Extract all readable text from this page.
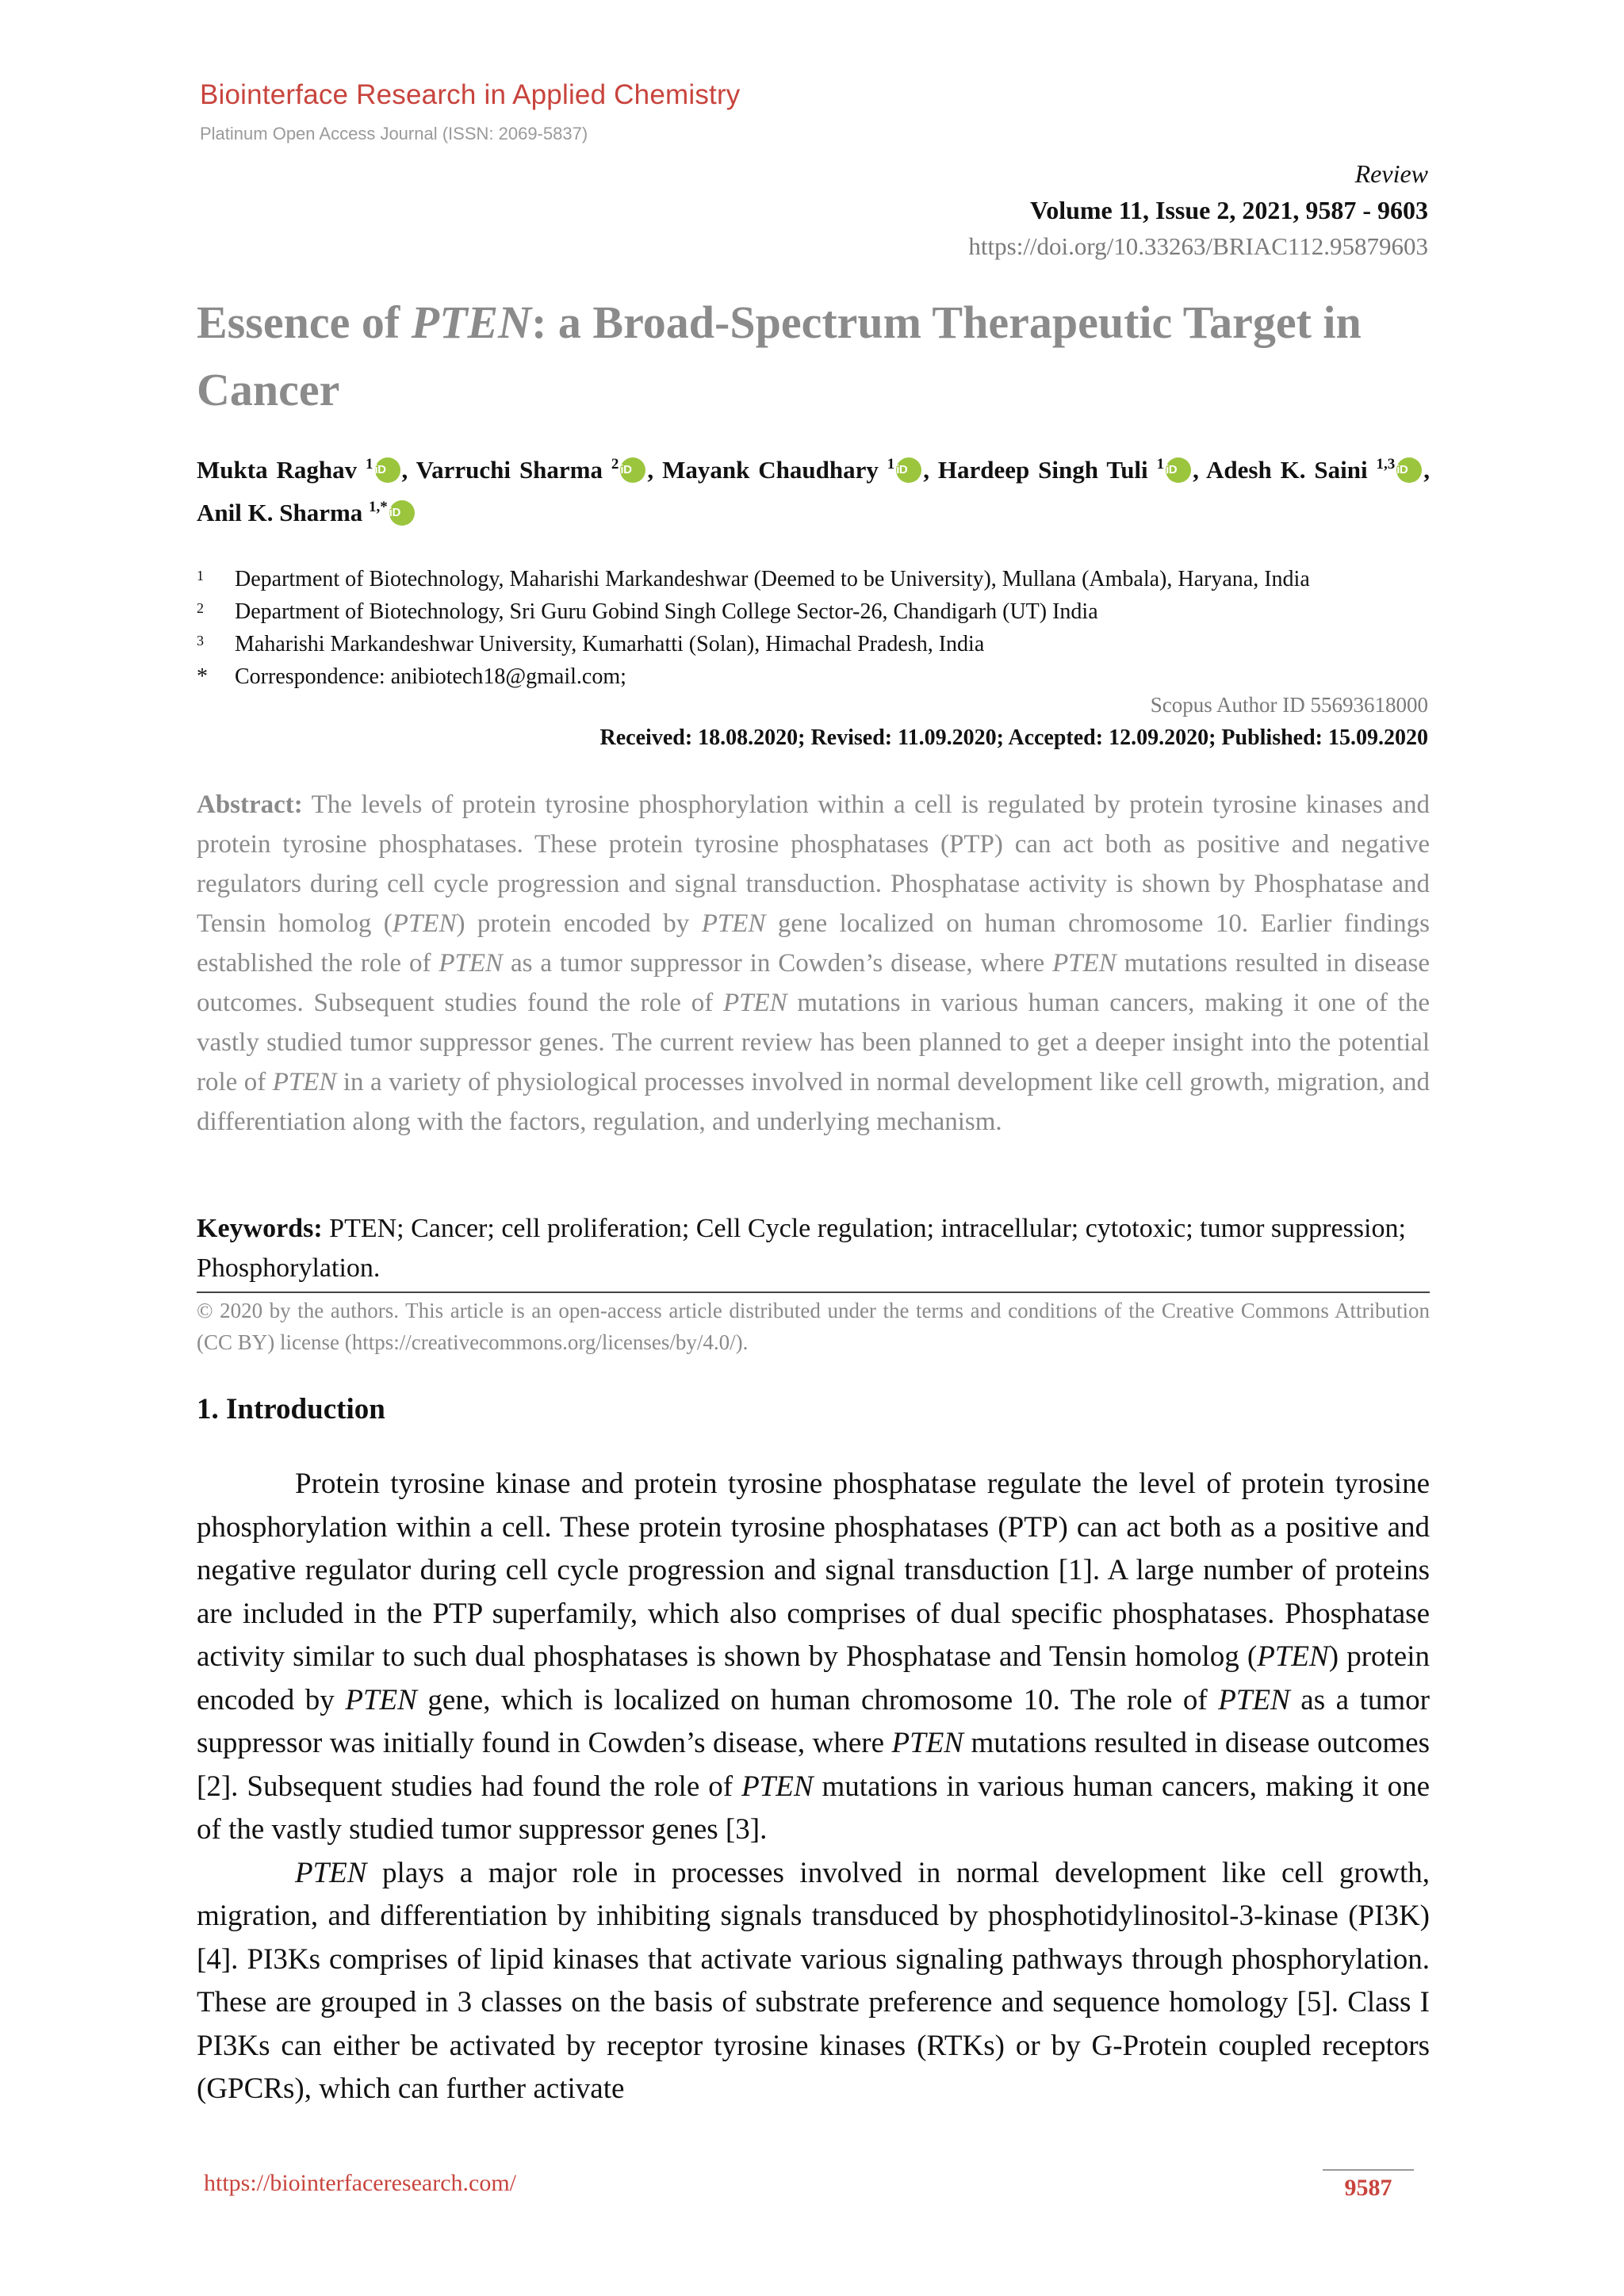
Biointerface Research in Applied Chemistry
Platinum Open Access Journal (ISSN: 2069-5837)
Review
Volume 11, Issue 2, 2021, 9587 - 9603
https://doi.org/10.33263/BRIAC112.95879603
Essence of PTEN: a Broad-Spectrum Therapeutic Target in Cancer
Mukta Raghav $^1$ iD , Varruchi Sharma $^2$ iD , Mayank Chaudhary $^1$ iD , Hardeep Singh Tuli $^1$ iD , Adesh K. Saini $^{1,3}$ iD , Anil K. Sharma $^{1,*}$ iD
1 Department of Biotechnology, Maharishi Markandeshwar (Deemed to be University), Mullana (Ambala), Haryana, India
2 Department of Biotechnology, Sri Guru Gobind Singh College Sector-26, Chandigarh (UT) India
3 Maharishi Markandeshwar University, Kumarhatti (Solan), Himachal Pradesh, India
* Correspondence: anibiotech18@gmail.com;
Scopus Author ID 55693618000
Received: 18.08.2020; Revised: 11.09.2020; Accepted: 12.09.2020; Published: 15.09.2020
Abstract: The levels of protein tyrosine phosphorylation within a cell is regulated by protein tyrosine kinases and protein tyrosine phosphatases. These protein tyrosine phosphatases (PTP) can act both as positive and negative regulators during cell cycle progression and signal transduction. Phosphatase activity is shown by Phosphatase and Tensin homolog (PTEN) protein encoded by PTEN gene localized on human chromosome 10. Earlier findings established the role of PTEN as a tumor suppressor in Cowden’s disease, where PTEN mutations resulted in disease outcomes. Subsequent studies found the role of PTEN mutations in various human cancers, making it one of the vastly studied tumor suppressor genes. The current review has been planned to get a deeper insight into the potential role of PTEN in a variety of physiological processes involved in normal development like cell growth, migration, and differentiation along with the factors, regulation, and underlying mechanism.
Keywords: PTEN; Cancer; cell proliferation; Cell Cycle regulation; intracellular; cytotoxic; tumor suppression; Phosphorylation.
© 2020 by the authors. This article is an open-access article distributed under the terms and conditions of the Creative Commons Attribution (CC BY) license (https://creativecommons.org/licenses/by/4.0/).
1. Introduction

Protein tyrosine kinase and protein tyrosine phosphatase regulate the level of protein tyrosine phosphorylation within a cell. These protein tyrosine phosphatases (PTP) can act both as a positive and negative regulator during cell cycle progression and signal transduction [1]. A large number of proteins are included in the PTP superfamily, which also comprises of dual specific phosphatases. Phosphatase activity similar to such dual phosphatases is shown by Phosphatase and Tensin homolog (PTEN) protein encoded by PTEN gene, which is localized on human chromosome 10. The role of PTEN as a tumor suppressor was initially found in Cowden’s disease, where PTEN mutations resulted in disease outcomes [2]. Subsequent studies had found the role of PTEN mutations in various human cancers, making it one of the vastly studied tumor suppressor genes [3].

PTEN plays a major role in processes involved in normal development like cell growth, migration, and differentiation by inhibiting signals transduced by phosphotidylinositol-3-kinase (PI3K) [4]. PI3Ks comprises of lipid kinases that activate various signaling pathways through phosphorylation. These are grouped in 3 classes on the basis of substrate preference and sequence homology [5]. Class I PI3Ks can either be activated by receptor tyrosine kinases (RTKs) or by G-Protein coupled receptors (GPCRs), which can further activate

https://biointerfaceresearch.com/	9587
